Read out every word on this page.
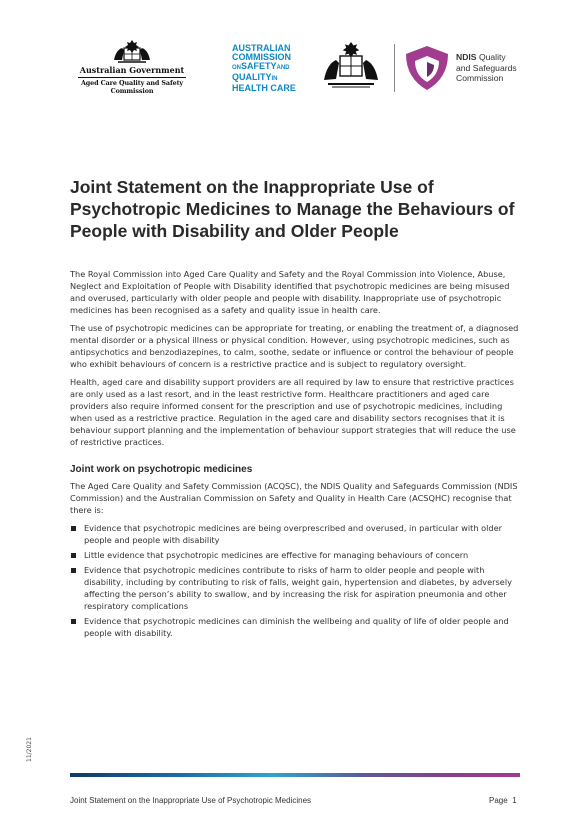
Australian Government
Aged Care Quality and Safety Commission
AUSTRALIAN
COMMISSION
ONSAFETYAND
QUALITYIN
HEALTH CARE
NDIS Quality
and Safeguards
Commission
Joint Statement on the Inappropriate Use of Psychotropic Medicines to Manage the Behaviours of People with Disability and Older People

The Royal Commission into Aged Care Quality and Safety and the Royal Commission into Violence, Abuse, Neglect and Exploitation of People with Disability identified that psychotropic medicines are being misused and overused, particularly with older people and people with disability. Inappropriate use of psychotropic medicines has been recognised as a safety and quality issue in health care.

The use of psychotropic medicines can be appropriate for treating, or enabling the treatment of, a diagnosed mental disorder or a physical illness or physical condition. However, using psychotropic medicines, such as antipsychotics and benzodiazepines, to calm, soothe, sedate or influence or control the behaviour of people who exhibit behaviours of concern is a restrictive practice and is subject to regulatory oversight.

Health, aged care and disability support providers are all required by law to ensure that restrictive practices are only used as a last resort, and in the least restrictive form. Healthcare practitioners and aged care providers also require informed consent for the prescription and use of psychotropic medicines, including when used as a restrictive practice. Regulation in the aged care and disability sectors recognises that it is behaviour support planning and the implementation of behaviour support strategies that will reduce the use of restrictive practices.

Joint work on psychotropic medicines

The Aged Care Quality and Safety Commission (ACQSC), the NDIS Quality and Safeguards Commission (NDIS Commission) and the Australian Commission on Safety and Quality in Health Care (ACSQHC) recognise that there is:

Evidence that psychotropic medicines are being overprescribed and overused, in particular with older people and people with disability
Little evidence that psychotropic medicines are effective for managing behaviours of concern
Evidence that psychotropic medicines contribute to risks of harm to older people and people with disability, including by contributing to risk of falls, weight gain, hypertension and diabetes, by adversely affecting the person’s ability to swallow, and by increasing the risk for aspiration pneumonia and other respiratory complications
Evidence that psychotropic medicines can diminish the wellbeing and quality of life of older people and people with disability.
11/2021
Joint Statement on the Inappropriate Use of Psychotropic Medicines	Page 1
